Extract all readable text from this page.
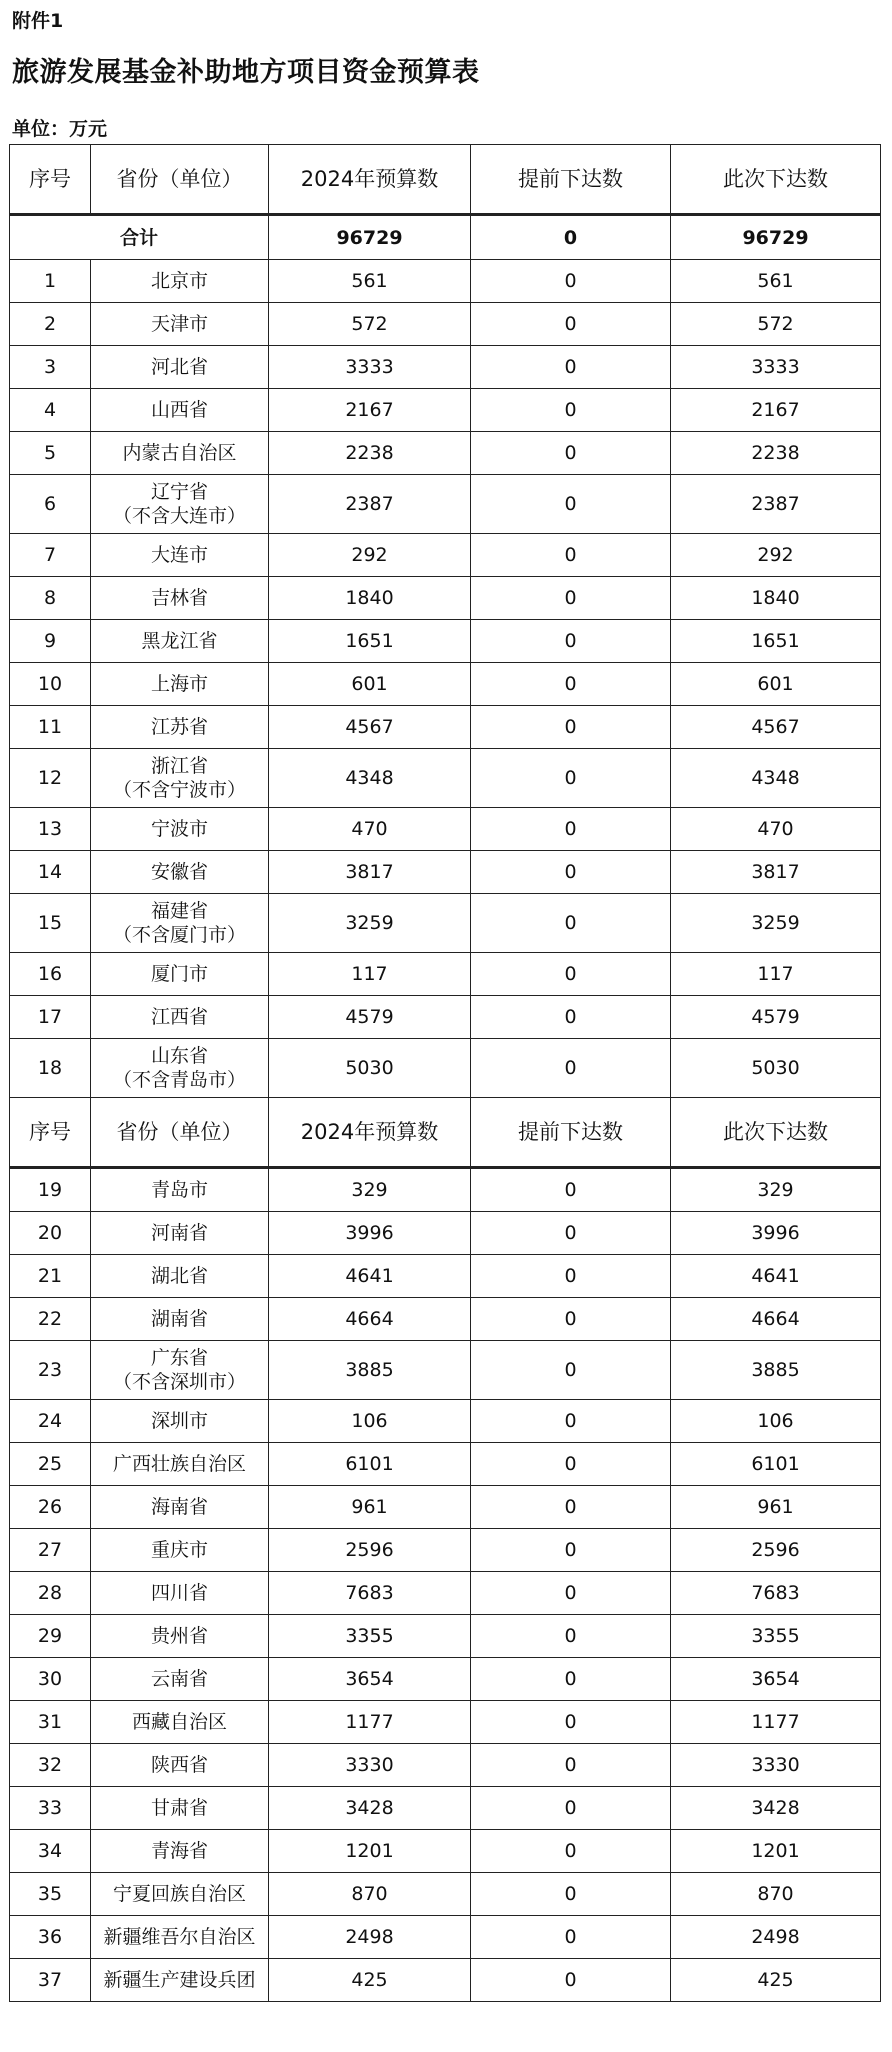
附件1
旅游发展基金补助地方项目资金预算表
单位：万元
序号	省份（单位）	2024年预算数	提前下达数	此次下达数
合计		96729	0	96729
1	北京市	561	0	561
2	天津市	572	0	572
3	河北省	3333	0	3333
4	山西省	2167	0	2167
5	内蒙古自治区	2238	0	2238
6	辽宁省
（不含大连市）	2387	0	2387
7	大连市	292	0	292
8	吉林省	1840	0	1840
9	黑龙江省	1651	0	1651
10	上海市	601	0	601
11	江苏省	4567	0	4567
12	浙江省
（不含宁波市）	4348	0	4348
13	宁波市	470	0	470
14	安徽省	3817	0	3817
15	福建省
（不含厦门市）	3259	0	3259
16	厦门市	117	0	117
17	江西省	4579	0	4579
18	山东省
（不含青岛市）	5030	0	5030
序号	省份（单位）	2024年预算数	提前下达数	此次下达数
19	青岛市	329	0	329
20	河南省	3996	0	3996
21	湖北省	4641	0	4641
22	湖南省	4664	0	4664
23	广东省
（不含深圳市）	3885	0	3885
24	深圳市	106	0	106
25	广西壮族自治区	6101	0	6101
26	海南省	961	0	961
27	重庆市	2596	0	2596
28	四川省	7683	0	7683
29	贵州省	3355	0	3355
30	云南省	3654	0	3654
31	西藏自治区	1177	0	1177
32	陕西省	3330	0	3330
33	甘肃省	3428	0	3428
34	青海省	1201	0	1201
35	宁夏回族自治区	870	0	870
36	新疆维吾尔自治区	2498	0	2498
37	新疆生产建设兵团	425	0	425
